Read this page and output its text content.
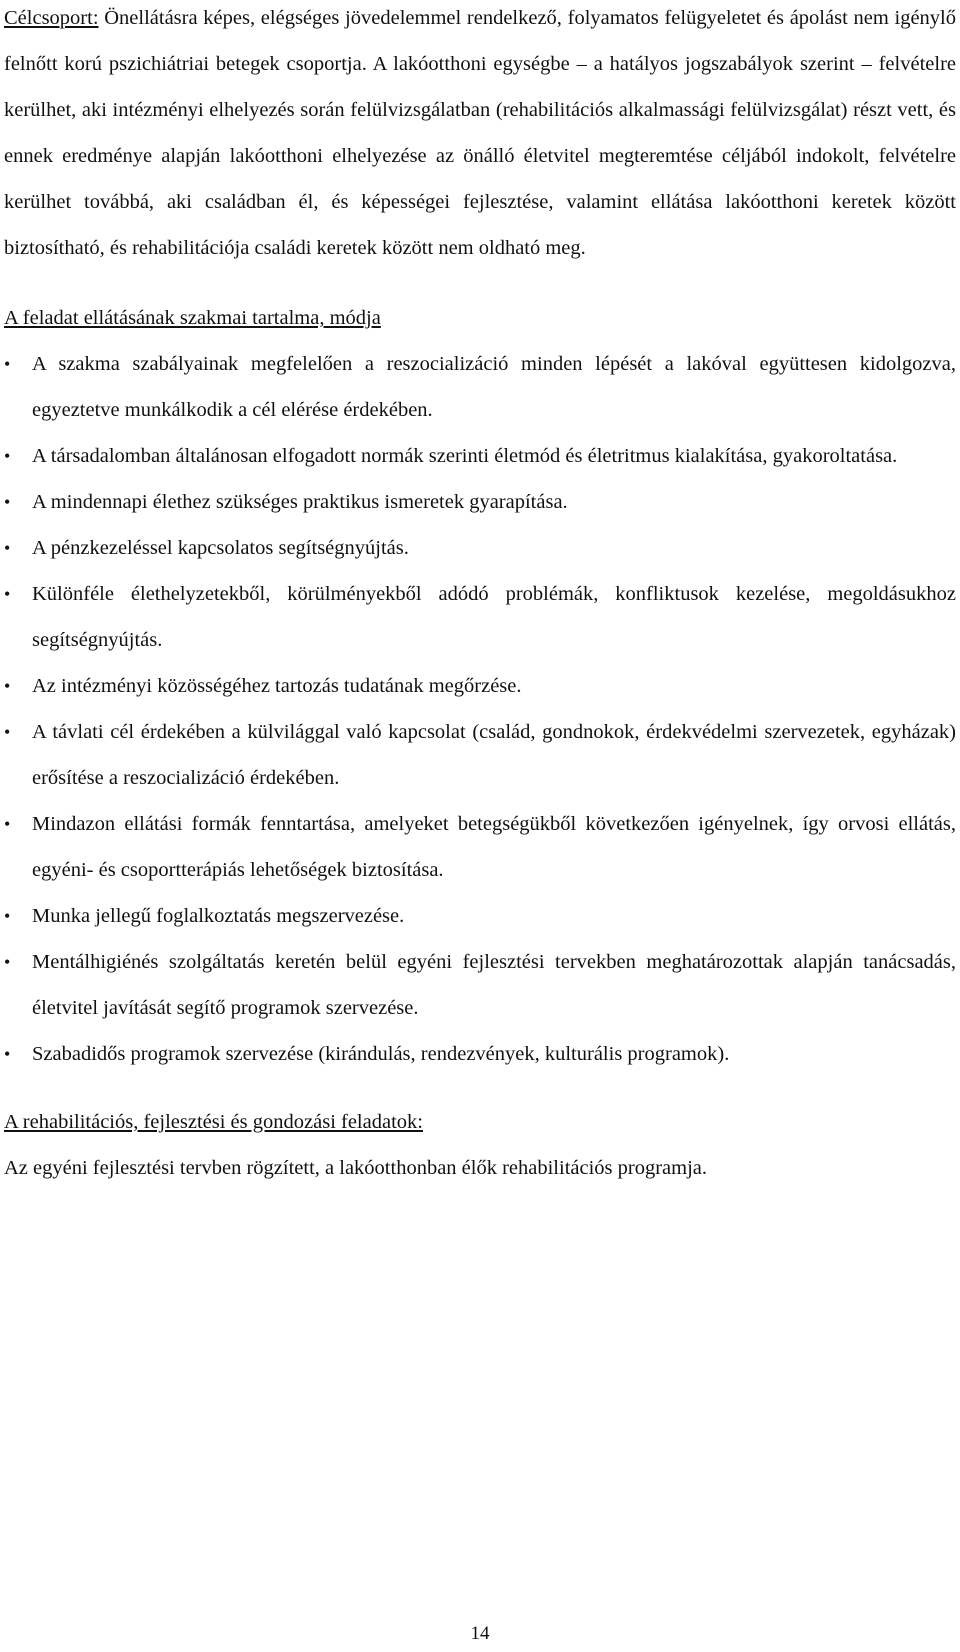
Célcsoport: Önellátásra képes, elégséges jövedelemmel rendelkező, folyamatos felügyeletet és ápolást nem igénylő felnőtt korú pszichiátriai betegek csoportja. A lakóotthoni egységbe – a hatályos jogszabályok szerint – felvételre kerülhet, aki intézményi elhelyezés során felülvizsgálatban (rehabilitációs alkalmassági felülvizsgálat) részt vett, és ennek eredménye alapján lakóotthoni elhelyezése az önálló életvitel megteremtése céljából indokolt, felvételre kerülhet továbbá, aki családban él, és képességei fejlesztése, valamint ellátása lakóotthoni keretek között biztosítható, és rehabilitációja családi keretek között nem oldható meg.

A feladat ellátásának szakmai tartalma, módja

• A szakma szabályainak megfelelően a reszocializáció minden lépését a lakóval együttesen kidolgozva, egyeztetve munkálkodik a cél elérése érdekében.
• A társadalomban általánosan elfogadott normák szerinti életmód és életritmus kialakítása, gyakoroltatása.
• A mindennapi élethez szükséges praktikus ismeretek gyarapítása.
• A pénzkezeléssel kapcsolatos segítségnyújtás.
• Különféle élethelyzetekből, körülményekből adódó problémák, konfliktusok kezelése, megoldásukhoz segítségnyújtás.
• Az intézményi közösségéhez tartozás tudatának megőrzése.
• A távlati cél érdekében a külvilággal való kapcsolat (család, gondnokok, érdekvédelmi szervezetek, egyházak) erősítése a reszocializáció érdekében.
• Mindazon ellátási formák fenntartása, amelyeket betegségükből következően igényelnek, így orvosi ellátás, egyéni- és csoportterápiás lehetőségek biztosítása.
• Munka jellegű foglalkoztatás megszervezése.
• Mentálhigiénés szolgáltatás keretén belül egyéni fejlesztési tervekben meghatározottak alapján tanácsadás, életvitel javítását segítő programok szervezése.
• Szabadidős programok szervezése (kirándulás, rendezvények, kulturális programok).

A rehabilitációs, fejlesztési és gondozási feladatok:

Az egyéni fejlesztési tervben rögzített, a lakóotthonban élők rehabilitációs programja.

14
